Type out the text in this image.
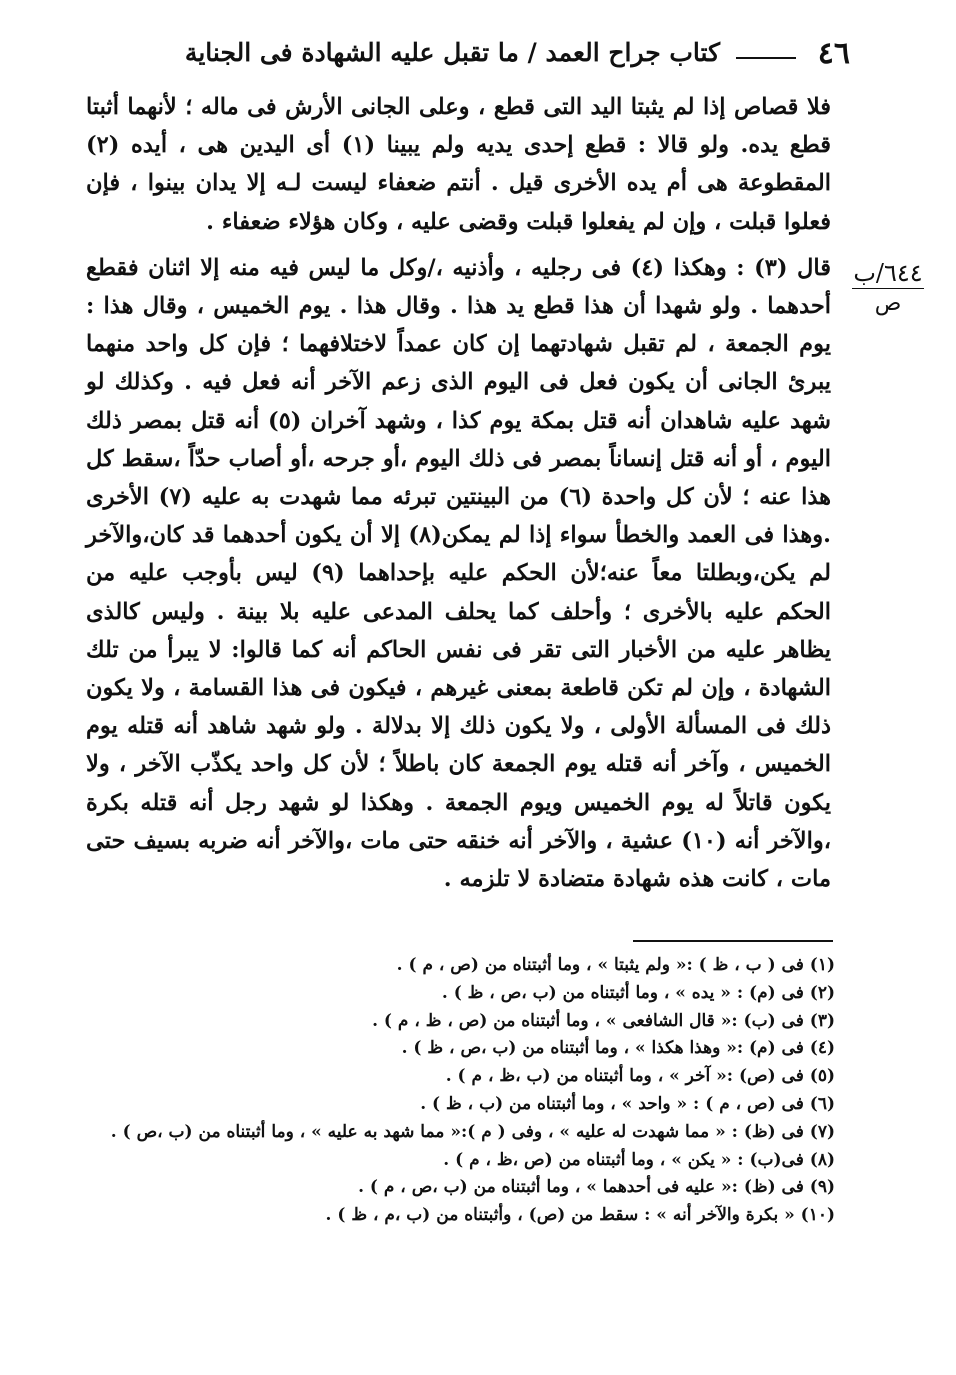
٤٦
كتاب جراح العمد / ما تقبل عليه الشهادة فى الجناية
٦٤٤/ب
ص

فلا قصاص إذا لم يثبتا اليد التى قطع ، وعلى الجانى الأرش فى ماله ؛ لأنهما أثبتا قطع يده. ولو قالا : قطع إحدى يديه ولم يبينا (١) أى اليدين هى ، أيده (٢) المقطوعة هى أم يده الأخرى قيل . أنتم ضعفاء ليست لـه إلا يدان بينوا ، فإن فعلوا قبلت ، وإن لم يفعلوا قبلت وقضى عليه ، وكان هؤلاء ضعفاء .

قال (٣) : وهكذا (٤) فى رجليه ، وأذنيه ،/وكل ما ليس فيه منه إلا اثنان فقطع أحدهما . ولو شهدا أن هذا قطع يد هذا . وقال هذا . يوم الخميس ، وقال هذا : يوم الجمعة ، لم تقبل شهادتهما إن كان عمداً لاختلافهما ؛ فإن كل واحد منهما يبرئ الجانى أن يكون فعل فى اليوم الذى زعم الآخر أنه فعل فيه . وكذلك لو شهد عليه شاهدان أنه قتل بمكة يوم كذا ، وشهد آخران (٥) أنه قتل بمصر ذلك اليوم ، أو أنه قتل إنساناً بمصر فى ذلك اليوم ،أو جرحه ،أو أصاب حدّاً ،سقط كل هذا عنه ؛ لأن كل واحدة (٦) من البينتين تبرئه مما شهدت به عليه (٧) الأخرى .وهذا فى العمد والخطأ سواء إذا لم يمكن(٨) إلا أن يكون أحدهما قد كان،والآخر لم يكن،وبطلتا معاً عنه؛لأن الحكم عليه بإحداهما (٩) ليس بأوجب عليه من الحكم عليه بالأخرى ؛ وأحلف كما يحلف المدعى عليه بلا بينة . وليس كالذى يظاهر عليه من الأخبار التى تقر فى نفس الحاكم أنه كما قالوا: لا يبرأ من تلك الشهادة ، وإن لم تكن قاطعة بمعنى غيرهم ، فيكون فى هذا القسامة ، ولا يكون ذلك فى المسألة الأولى ، ولا يكون ذلك إلا بدلالة . ولو شهد شاهد أنه قتله يوم الخميس ، وآخر أنه قتله يوم الجمعة كان باطلاً ؛ لأن كل واحد يكذّب الآخر ، ولا يكون قاتلاً له يوم الخميس ويوم الجمعة . وهكذا لو شهد رجل أنه قتله بكرة ،والآخر أنه (١٠) عشية ، والآخر أنه خنقه حتى مات ،والآخر أنه ضربه بسيف حتى مات ، كانت هذه شهادة متضادة لا تلزمه .

(١) فى ( ب ، ظ ) :« ولم يثبتا » ، وما أثبتناه من (ص ، م ) .
(٢) فى (م) : « يده » ، وما أثبتناه من (ب ،ص ، ظ ) .
(٣) فى (ب) :« قال الشافعى » ، وما أثبتناه من (ص ، ظ ، م ) .
(٤) فى (م) :« وهذا هكذا » ، وما أثبتناه من (ب ،ص ، ظ ) .
(٥) فى (ص) :« آخر » ، وما أثبتناه من (ب ،ظ ، م ) .
(٦) فى (ص ، م ) : « واحد » ، وما أثبتناه من (ب ، ظ ) .
(٧) فى (ظ) : « مما شهدت له عليه » ، وفى ( م ):« مما شهد به عليه » ، وما أثبتناه من (ب ،ص ) .
(٨) فى(ب) : « يكن » ، وما أثبتناه من (ص ،ظ ، م ) .
(٩) فى (ظ) :« عليه فى أحدهما » ، وما أثبتناه من (ب ،ص ، م ) .
(١٠) « بكرة والآخر أنه » : سقط من (ص) ، وأثبتناه من (ب ،م ، ظ ) .
